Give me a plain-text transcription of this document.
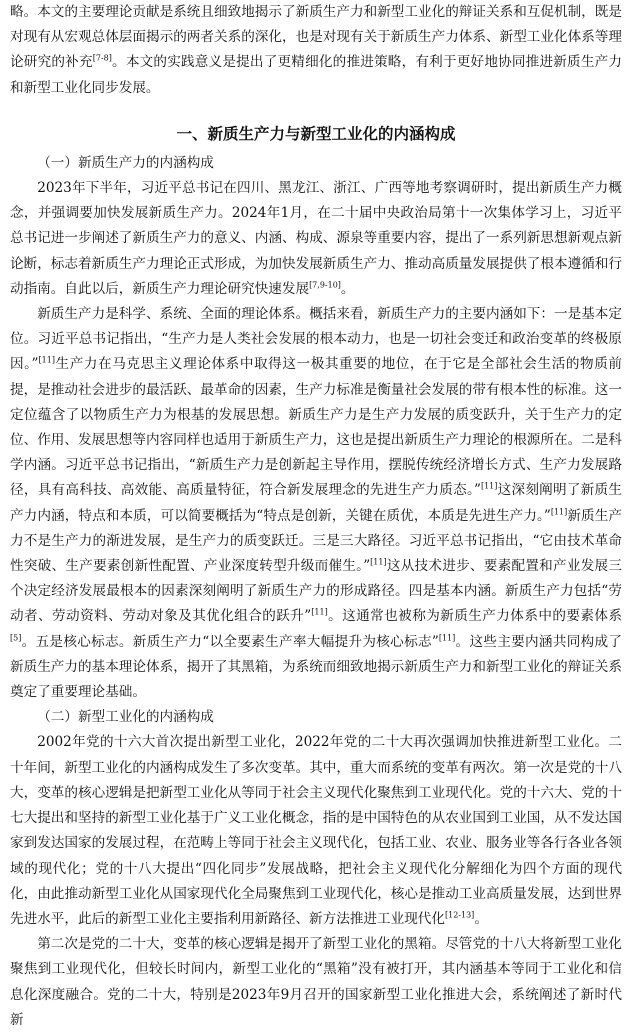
略。本文的主要理论贡献是系统且细致地揭示了新质生产力和新型工业化的辩证关系和互促机制，既是对现有从宏观总体层面揭示的两者关系的深化，也是对现有关于新质生产力体系、新型工业化体系等理论研究的补充[7-8]。本文的实践意义是提出了更精细化的推进策略，有利于更好地协同推进新质生产力和新型工业化同步发展。

一、新质生产力与新型工业化的内涵构成

（一）新质生产力的内涵构成

2023年下半年，习近平总书记在四川、黑龙江、浙江、广西等地考察调研时，提出新质生产力概念，并强调要加快发展新质生产力。2024年1月，在二十届中央政治局第十一次集体学习上，习近平总书记进一步阐述了新质生产力的意义、内涵、构成、源泉等重要内容，提出了一系列新思想新观点新论断，标志着新质生产力理论正式形成，为加快发展新质生产力、推动高质量发展提供了根本遵循和行动指南。自此以后，新质生产力理论研究快速发展[7,9-10]。

新质生产力是科学、系统、全面的理论体系。概括来看，新质生产力的主要内涵如下：一是基本定位。习近平总书记指出，“生产力是人类社会发展的根本动力，也是一切社会变迁和政治变革的终极原因。”[11]生产力在马克思主义理论体系中取得这一极其重要的地位，在于它是全部社会生活的物质前提，是推动社会进步的最活跃、最革命的因素，生产力标准是衡量社会发展的带有根本性的标准。这一定位蕴含了以物质生产力为根基的发展思想。新质生产力是生产力发展的质变跃升，关于生产力的定位、作用、发展思想等内容同样也适用于新质生产力，这也是提出新质生产力理论的根源所在。二是科学内涵。习近平总书记指出，“新质生产力是创新起主导作用，摆脱传统经济增长方式、生产力发展路径，具有高科技、高效能、高质量特征，符合新发展理念的先进生产力质态。”[11]这深刻阐明了新质生产力内涵，特点和本质，可以简要概括为“特点是创新，关键在质优，本质是先进生产力。”[11]新质生产力不是生产力的渐进发展，是生产力的质变跃迁。三是三大路径。习近平总书记指出，“它由技术革命性突破、生产要素创新性配置、产业深度转型升级而催生。”[11]这从技术进步、要素配置和产业发展三个决定经济发展最根本的因素深刻阐明了新质生产力的形成路径。四是基本内涵。新质生产力包括“劳动者、劳动资料、劳动对象及其优化组合的跃升”[11]。这通常也被称为新质生产力体系中的要素体系[5]。五是核心标志。新质生产力“以全要素生产率大幅提升为核心标志”[11]。这些主要内涵共同构成了新质生产力的基本理论体系，揭开了其黑箱，为系统而细致地揭示新质生产力和新型工业化的辩证关系奠定了重要理论基础。

（二）新型工业化的内涵构成

2002年党的十六大首次提出新型工业化，2022年党的二十大再次强调加快推进新型工业化。二十年间，新型工业化的内涵构成发生了多次变革。其中，重大而系统的变革有两次。第一次是党的十八大，变革的核心逻辑是把新型工业化从等同于社会主义现代化聚焦到工业现代化。党的十六大、党的十七大提出和坚持的新型工业化基于广义工业化概念，指的是中国特色的从农业国到工业国，从不发达国家到发达国家的发展过程，在范畴上等同于社会主义现代化，包括工业、农业、服务业等各行各业各领域的现代化；党的十八大提出“四化同步”发展战略，把社会主义现代化分解细化为四个方面的现代化，由此推动新型工业化从国家现代化全局聚焦到工业现代化，核心是推动工业高质量发展，达到世界先进水平，此后的新型工业化主要指利用新路径、新方法推进工业现代化[12-13]。

第二次是党的二十大，变革的核心逻辑是揭开了新型工业化的黑箱。尽管党的十八大将新型工业化聚焦到工业现代化，但较长时间内，新型工业化的“黑箱”没有被打开，其内涵基本等同于工业化和信息化深度融合。党的二十大，特别是2023年9月召开的国家新型工业化推进大会，系统阐述了新时代新
